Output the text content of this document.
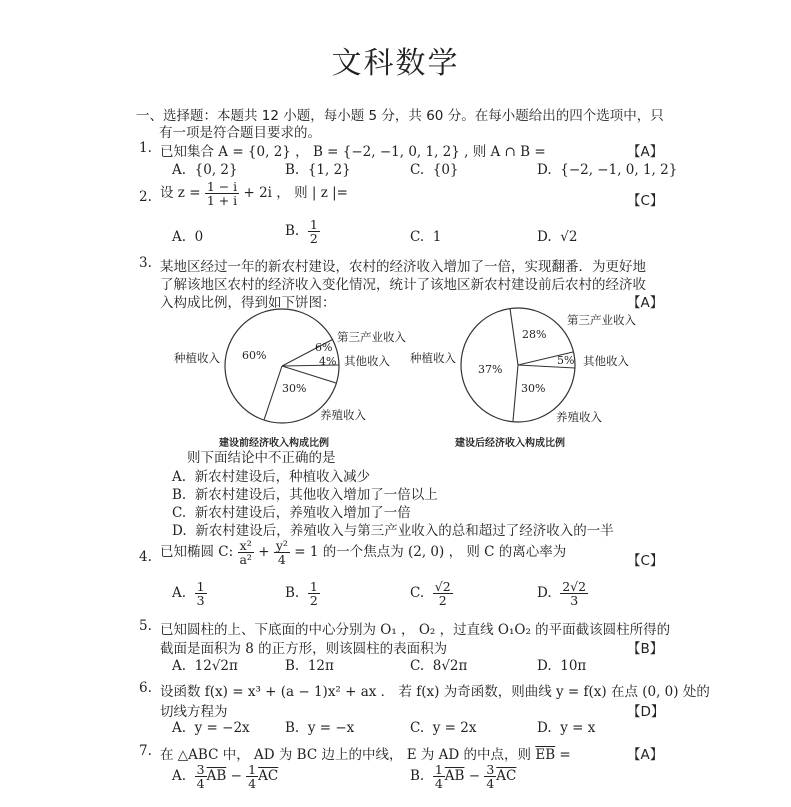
文科数学
一、选择题：本题共 12 小题，每小题 5 分，共 60 分。在每小题给出的四个选项中，只
有一项是符合题目要求的。
1. 已知集合 A = {0, 2} ， B = {−2, −1, 0, 1, 2} , 则 A ∩ B =	【A】
A. {0, 2}	B. {1, 2}	C. {0}	D. {−2, −1, 0, 1, 2}
2. 设 $z = \frac{1 - i}{1 + i} + 2i$ ， 则 | z |=	【C】
A. 0	B. $\frac{1}{2}$	C. 1	D. √2
3. 某地区经过一年的新农村建设，农村的经济收入增加了一倍，实现翻番．为更好地
了解该地区农村的经济收入变化情况，统计了该地区新农村建设前后农村的经济收
入构成比例，得到如下饼图：	【A】
种植收入
第三产业收入
其他收入
养殖收入
60%
6%
4%
30%
建设前经济收入构成比例
种植收入
第三产业收入
其他收入
养殖收入
37%
28%
5%
30%
建设后经济收入构成比例
则下面结论中不正确的是
A. 新农村建设后，种植收入减少
B. 新农村建设后，其他收入增加了一倍以上
C. 新农村建设后，养殖收入增加了一倍
D. 新农村建设后，养殖收入与第三产业收入的总和超过了经济收入的一半
4. 已知椭圆 C: $\frac{\text{x²}}{\text{a²}} + \frac{\text{y²}}{4} = 1$ 的一个焦点为 (2, 0) ， 则 C 的离心率为
【C】
A. $\frac{1}{3}$	B. $\frac{1}{2}$	C. $\frac{√2}{2}$	D. $\frac{2√2}{3}$
5. 已知圆柱的上、下底面的中心分别为 O₁ ， O₂ ，过直线 O₁O₂ 的平面截该圆柱所得的
截面是面积为 8 的正方形，则该圆柱的表面积为	【B】
A. 12√2π	B. 12π	C. 8√2π	D. 10π
6. 设函数 f(x) = x³ + (a − 1)x² + ax ． 若 f(x) 为奇函数，则曲线 y = f(x) 在点 (0, 0) 处的
切线方程为	【D】
A. y = −2x	B. y = −x	C. y = 2x	D. y = x
7. 在 △ABC 中， AD 为 BC 边上的中线， E 为 AD 的中点，则 $\overline{EB}$ =	【A】
A. $\frac{3}{4} \overline{AB} - \frac{1}{4} \overline{AC}$	B. $\frac{1}{4} \overline{AB} - \frac{3}{4} \overline{AC}$
